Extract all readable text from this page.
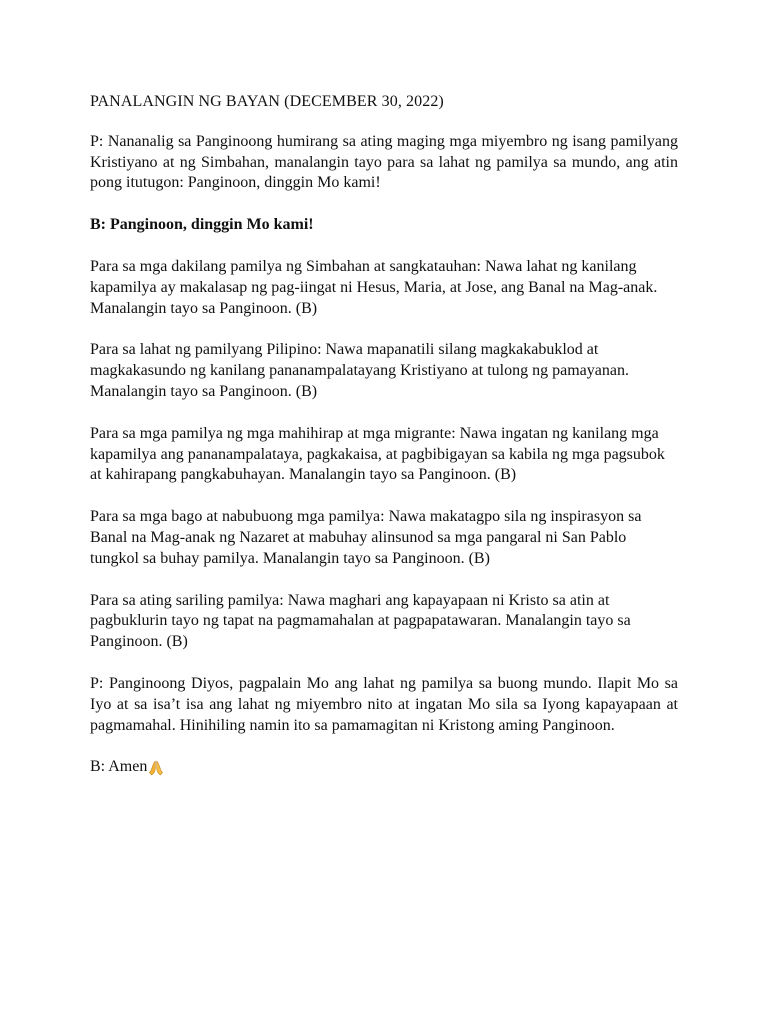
PANALANGIN NG BAYAN (DECEMBER 30, 2022)
P: Nananalig sa Panginoong humirang sa ating maging mga miyembro ng isang pamilyang Kristiyano at ng Simbahan, manalangin tayo para sa lahat ng pamilya sa mundo, ang atin pong itutugon: Panginoon, dinggin Mo kami!
B: Panginoon, dinggin Mo kami!
Para sa mga dakilang pamilya ng Simbahan at sangkatauhan: Nawa lahat ng kanilang kapamilya ay makalasap ng pag-iingat ni Hesus, Maria, at Jose, ang Banal na Mag-anak. Manalangin tayo sa Panginoon. (B)
Para sa lahat ng pamilyang Pilipino: Nawa mapanatili silang magkakabuklod at magkakasundo ng kanilang pananampalatayang Kristiyano at tulong ng pamayanan. Manalangin tayo sa Panginoon. (B)
Para sa mga pamilya ng mga mahihirap at mga migrante: Nawa ingatan ng kanilang mga kapamilya ang pananampalataya, pagkakaisa, at pagbibigayan sa kabila ng mga pagsubok at kahirapang pangkabuhayan. Manalangin tayo sa Panginoon. (B)
Para sa mga bago at nabubuong mga pamilya: Nawa makatagpo sila ng inspirasyon sa Banal na Mag-anak ng Nazaret at mabuhay alinsunod sa mga pangaral ni San Pablo tungkol sa buhay pamilya. Manalangin tayo sa Panginoon. (B)
Para sa ating sariling pamilya: Nawa maghari ang kapayapaan ni Kristo sa atin at pagbuklurin tayo ng tapat na pagmamahalan at pagpapatawaran. Manalangin tayo sa Panginoon. (B)
P: Panginoong Diyos, pagpalain Mo ang lahat ng pamilya sa buong mundo. Ilapit Mo sa Iyo at sa isa’t isa ang lahat ng miyembro nito at ingatan Mo sila sa Iyong kapayapaan at pagmamahal. Hinihiling namin ito sa pamamagitan ni Kristong aming Panginoon.
B: Amen
